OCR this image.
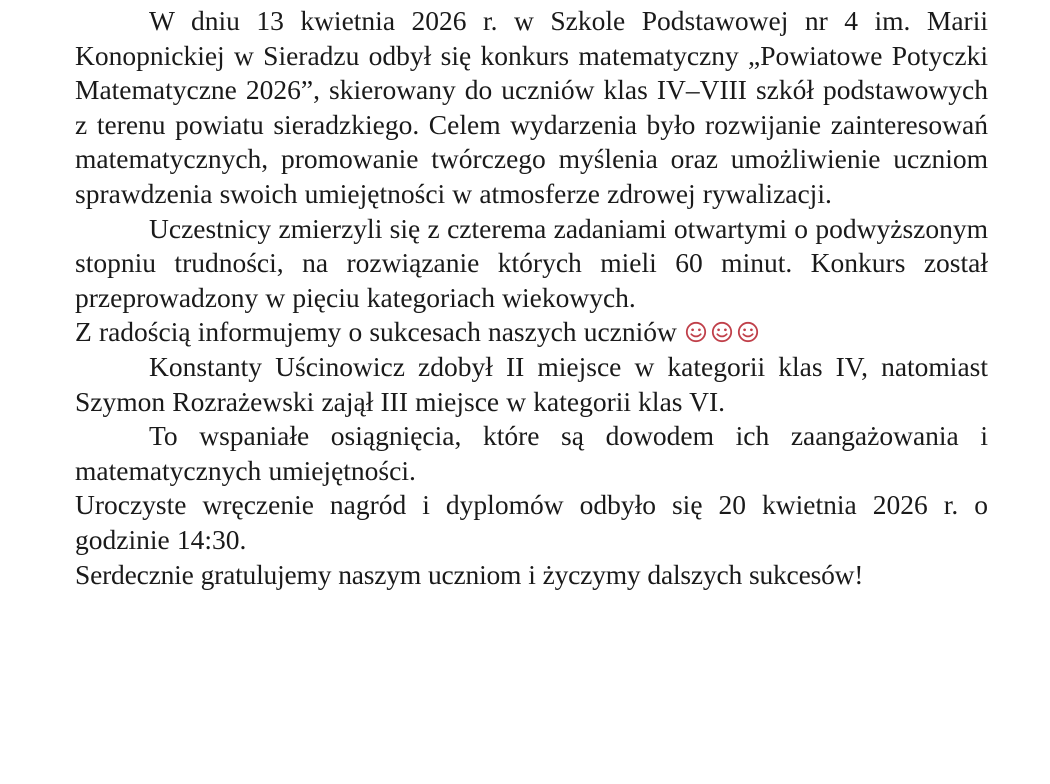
W dniu 13 kwietnia 2026 r. w Szkole Podstawowej nr 4 im. Marii Konopnickiej w Sieradzu odbył się konkurs matematyczny „Powiatowe Potyczki Matematyczne 2026”, skierowany do uczniów klas IV–VIII szkół podstawowych z terenu powiatu sieradzkiego. Celem wydarzenia było rozwijanie zainteresowań matematycznych, promowanie twórczego myślenia oraz umożliwienie uczniom sprawdzenia swoich umiejętności w atmosferze zdrowej rywalizacji.

Uczestnicy zmierzyli się z czterema zadaniami otwartymi o podwyższonym stopniu trudności, na rozwiązanie których mieli 60 minut. Konkurs został przeprowadzony w pięciu kategoriach wiekowych.

Z radością informujemy o sukcesach naszych uczniów

Konstanty Uścinowicz zdobył II miejsce w kategorii klas IV, natomiast Szymon Rozrażewski zajął III miejsce w kategorii klas VI.

To wspaniałe osiągnięcia, które są dowodem ich zaangażowania i matematycznych umiejętności.

Uroczyste wręczenie nagród i dyplomów odbyło się 20 kwietnia 2026 r. o godzinie 14:30.

Serdecznie gratulujemy naszym uczniom i życzymy dalszych sukcesów!
